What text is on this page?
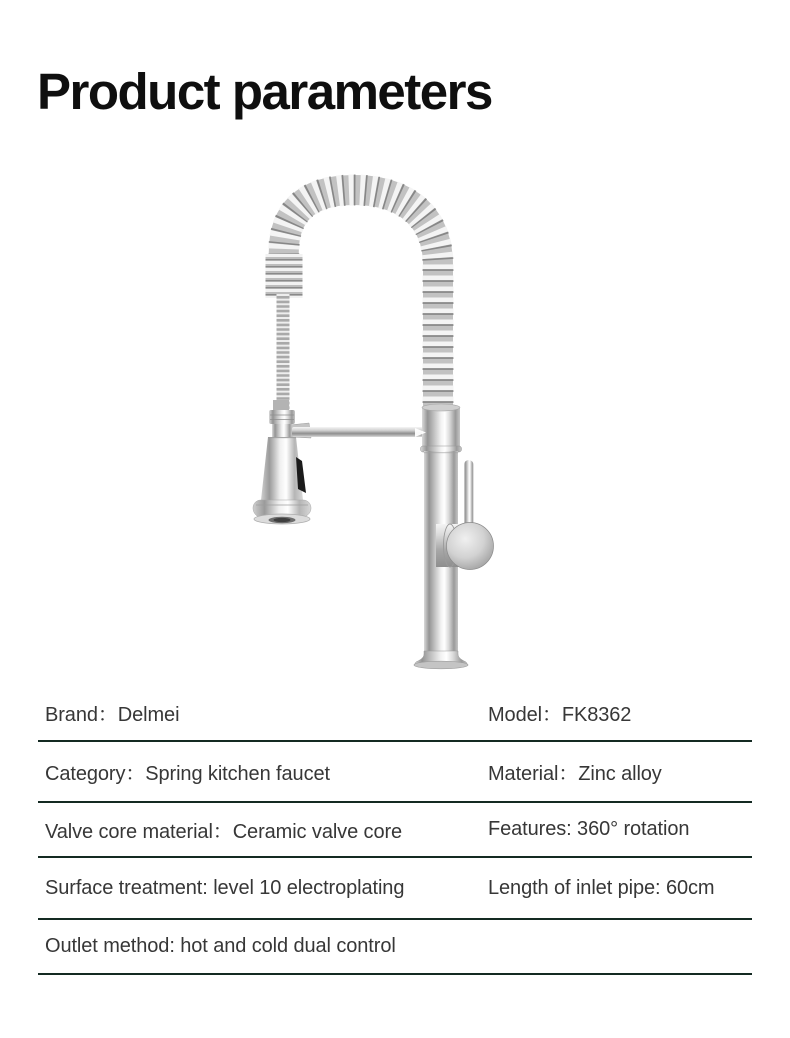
Product parameters
Brand：Delmei	Model：FK8362
Category：Spring kitchen faucet	Material：Zinc alloy
Valve core material：Ceramic valve core	Features: 360° rotation
Surface treatment: level 10 electroplating	Length of inlet pipe: 60cm
Outlet method: hot and cold dual control
